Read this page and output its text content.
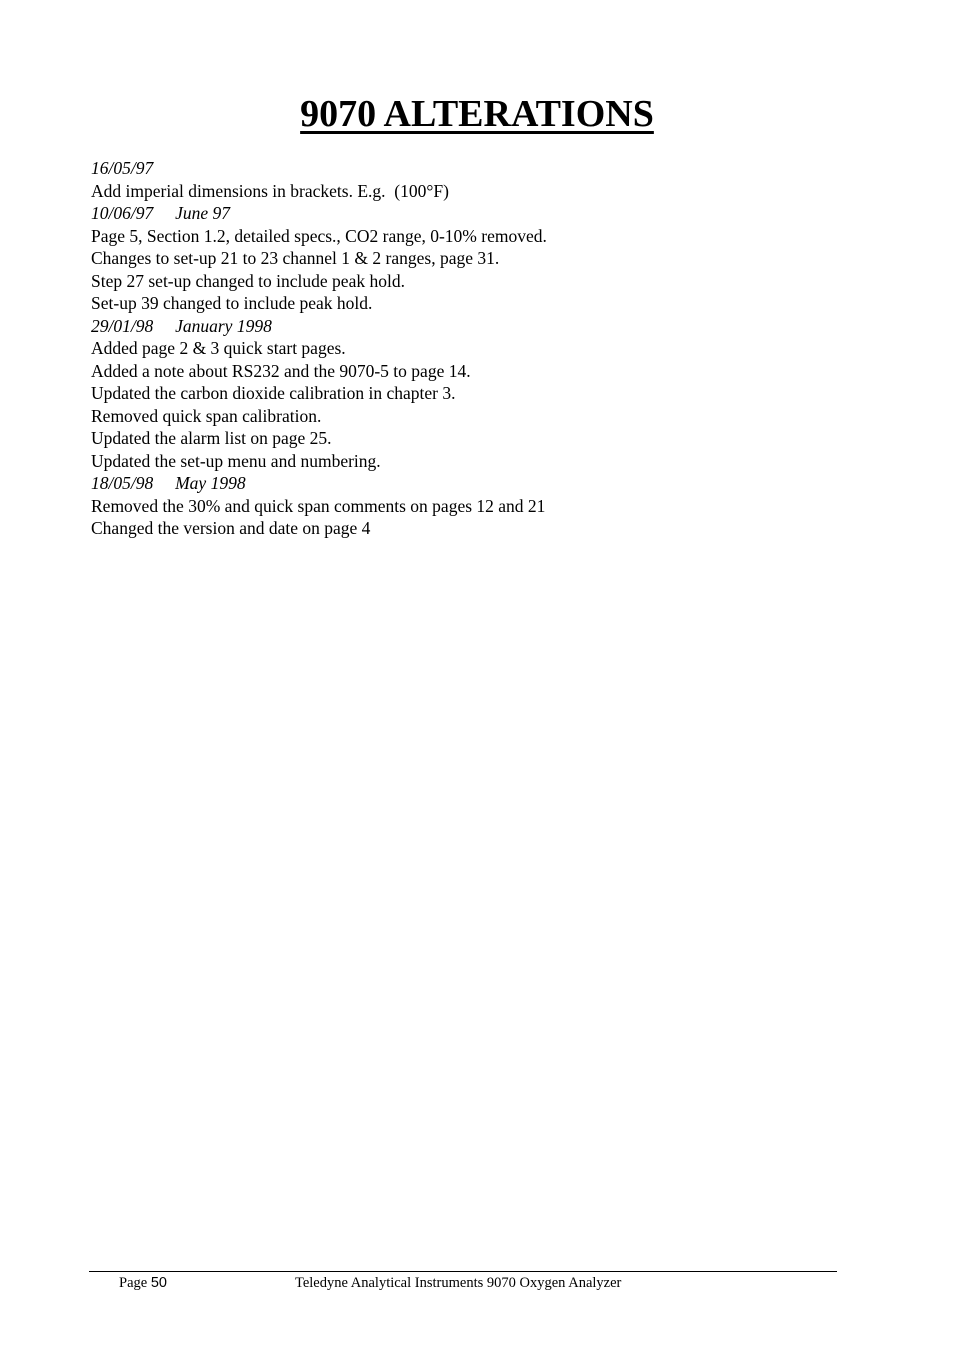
9070 ALTERATIONS

16/05/97

Add imperial dimensions in brackets. E.g.  (100°F)

10/06/97     June 97

Page 5, Section 1.2, detailed specs., CO2 range, 0-10% removed.

Changes to set-up 21 to 23 channel 1 & 2 ranges, page 31.

Step 27 set-up changed to include peak hold.

Set-up 39 changed to include peak hold.

29/01/98     January 1998

Added page 2 & 3 quick start pages.

Added a note about RS232 and the 9070-5 to page 14.

Updated the carbon dioxide calibration in chapter 3.

Removed quick span calibration.

Updated the alarm list on page 25.

Updated the set-up menu and numbering.

18/05/98     May 1998

Removed the 30% and quick span comments on pages 12 and 21

Changed the version and date on page 4

Page 50	Teledyne Analytical Instruments 9070 Oxygen Analyzer
